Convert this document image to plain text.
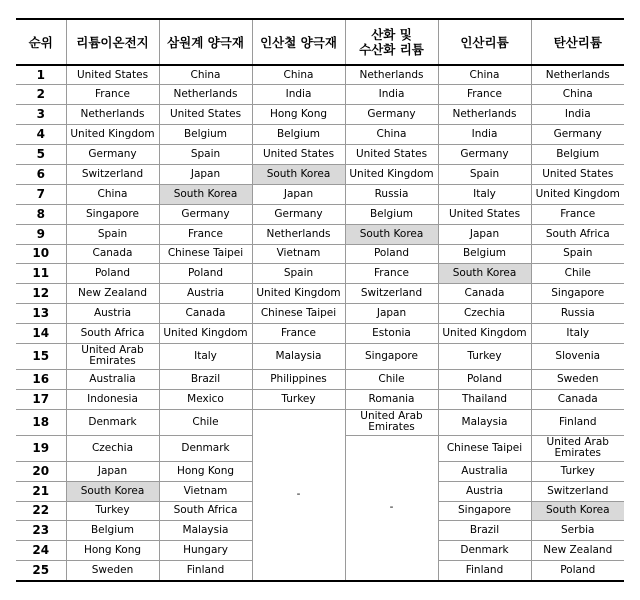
순위	리튬이온전지	삼원계 양극재	인산철 양극재	산화 및
수산화 리튬	인산리튬	탄산리튬
1	United States	China	China	Netherlands	China	Netherlands
2	France	Netherlands	India	India	France	China
3	Netherlands	United States	Hong Kong	Germany	Netherlands	India
4	United Kingdom	Belgium	Belgium	China	India	Germany
5	Germany	Spain	United States	United States	Germany	Belgium
6	Switzerland	Japan	South Korea	United Kingdom	Spain	United States
7	China	South Korea	Japan	Russia	Italy	United Kingdom
8	Singapore	Germany	Germany	Belgium	United States	France
9	Spain	France	Netherlands	South Korea	Japan	South Africa
10	Canada	Chinese Taipei	Vietnam	Poland	Belgium	Spain
11	Poland	Poland	Spain	France	South Korea	Chile
12	New Zealand	Austria	United Kingdom	Switzerland	Canada	Singapore
13	Austria	Canada	Chinese Taipei	Japan	Czechia	Russia
14	South Africa	United Kingdom	France	Estonia	United Kingdom	Italy
15	United Arab
Emirates	Italy	Malaysia	Singapore	Turkey	Slovenia
16	Australia	Brazil	Philippines	Chile	Poland	Sweden
17	Indonesia	Mexico	Turkey	Romania	Thailand	Canada
18	Denmark	Chile	-	United Arab
Emirates	Malaysia	Finland
19	Czechia	Denmark		-	Chinese Taipei	United Arab
Emirates
20	Japan	Hong Kong			Australia	Turkey
21	South Korea	Vietnam			Austria	Switzerland
22	Turkey	South Africa			Singapore	South Korea
23	Belgium	Malaysia			Brazil	Serbia
24	Hong Kong	Hungary			Denmark	New Zealand
25	Sweden	Finland			Finland	Poland
